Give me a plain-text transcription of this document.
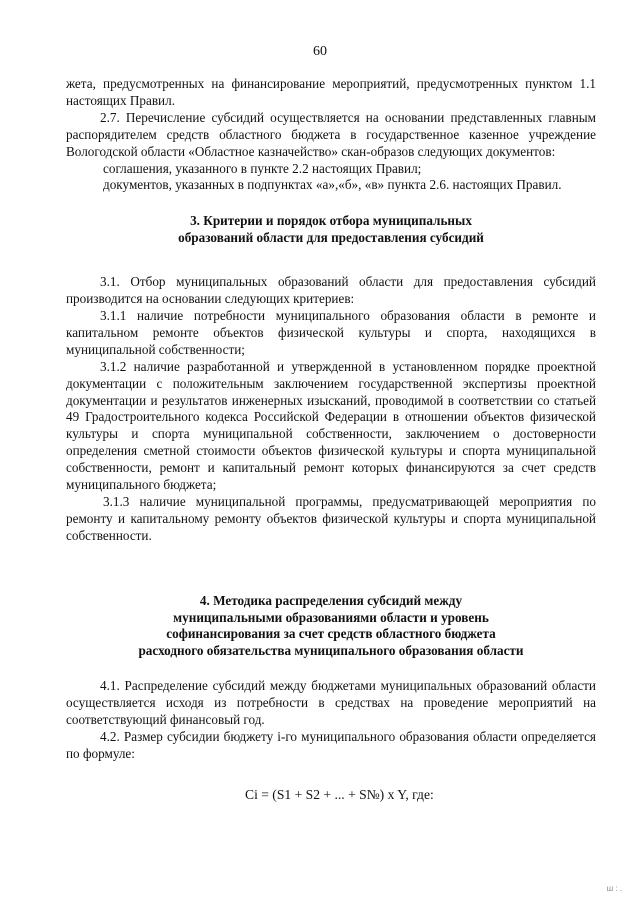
60

жета, предусмотренных на финансирование мероприятий, предусмотренных пунктом 1.1 настоящих Правил.

2.7. Перечисление субсидий осуществляется на основании представленных главным распорядителем средств областного бюджета в государственное казенное учреждение Вологодской области «Областное казначейство» скан-образов следующих документов:

соглашения, указанного в пункте 2.2 настоящих Правил;

документов, указанных в подпунктах «а»,«б», «в» пункта 2.6. настоящих Правил.

3. Критерии и порядок отбора муниципальных
образований области для предоставления субсидий

3.1. Отбор муниципальных образований области для предоставления субсидий производится на основании следующих критериев:

3.1.1 наличие потребности муниципального образования области в ремонте и капитальном ремонте объектов физической культуры и спорта, находящихся в муниципальной собственности;

3.1.2 наличие разработанной и утвержденной в установленном порядке проектной документации с положительным заключением государственной экспертизы проектной документации и результатов инженерных изысканий, проводимой в соответствии со статьей 49 Градостроительного кодекса Российской Федерации в отношении объектов физической культуры и спорта муниципальной собственности, заключением о достоверности определения сметной стоимости объектов физической культуры и спорта муниципальной собственности, ремонт и капитальный ремонт которых финансируются за счет средств муниципального бюджета;

3.1.3 наличие муниципальной программы, предусматривающей мероприятия по ремонту и капитальному ремонту объектов физической культуры и спорта муниципальной собственности.

4. Методика распределения субсидий между
муниципальными образованиями области и уровень
софинансирования за счет средств областного бюджета
расходного обязательства муниципального образования области

4.1. Распределение субсидий между бюджетами муниципальных образований области осуществляется исходя из потребности в средствах на проведение мероприятий на соответствующий финансовый год.

4.2. Размер субсидии бюджету i-го муниципального образования области определяется по формуле:

Ci = (S1 + S2 + ... + S№) x Y, где:

ш : .
